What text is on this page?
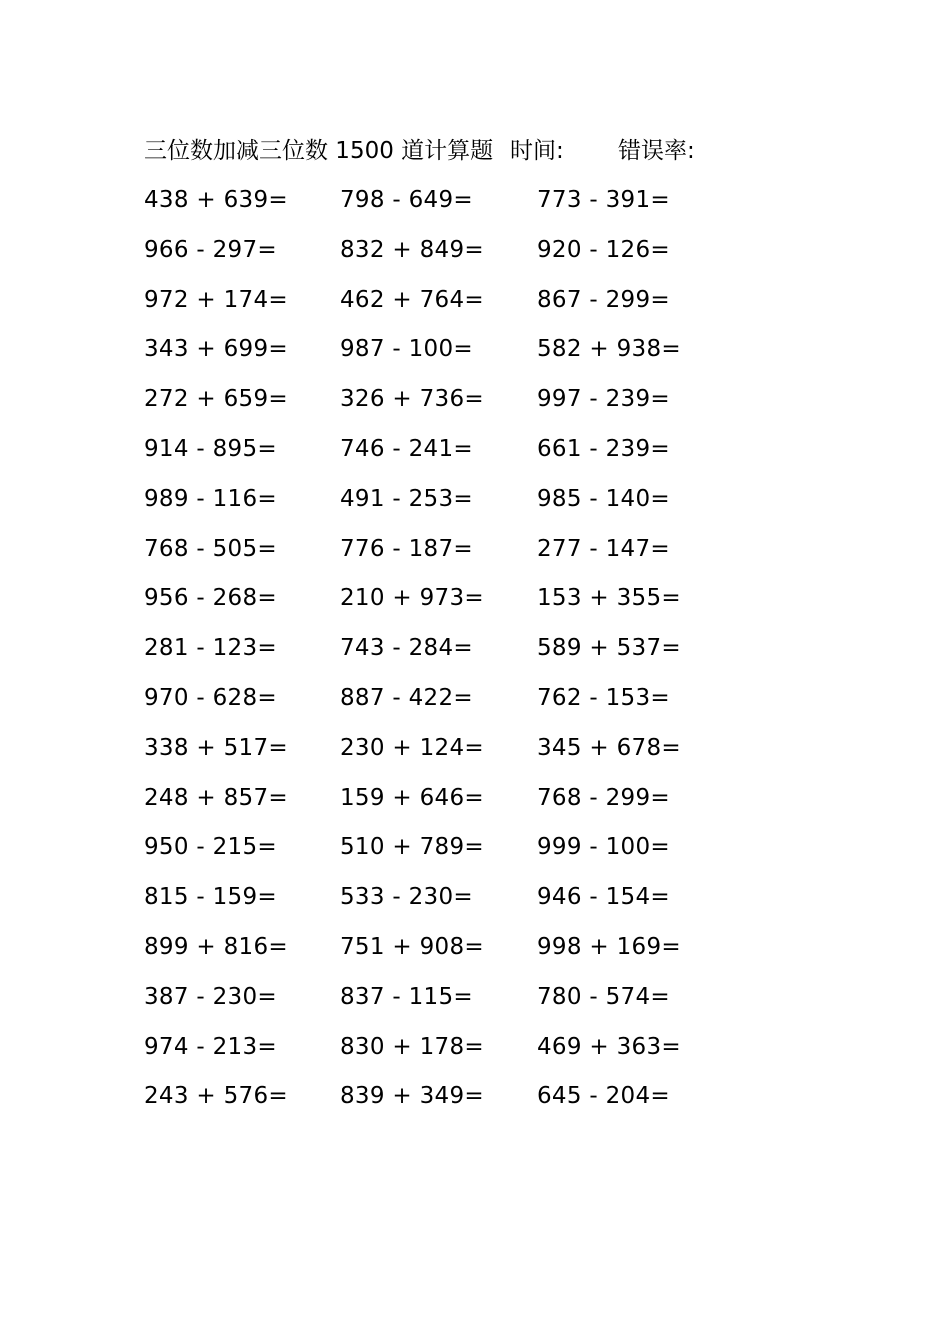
三位数加减三位数 1500 道计算题 时间: 错误率:
438 + 639= 798 - 649=	773 - 391=
966 - 297=	832 + 849= 920 - 126=
972 + 174= 462 + 764= 867 - 299=
343 + 699= 987 - 100=	582 + 938=
272 + 659= 326 + 736= 997 - 239=
914 - 895=	746 - 241=	661 - 239=
989 - 116=	491 - 253=	985 - 140=
768 - 505=	776 - 187=	277 - 147=
956 - 268=	210 + 973= 153 + 355=
281 - 123=	743 - 284=	589 + 537=
970 - 628=	887 - 422=	762 - 153=
338 + 517= 230 + 124= 345 + 678=
248 + 857= 159 + 646= 768 - 299=
950 - 215=	510 + 789= 999 - 100=
815 - 159=	533 - 230=	946 - 154=
899 + 816= 751 + 908= 998 + 169=
387 - 230=	837 - 115=	780 - 574=
974 - 213=	830 + 178= 469 + 363=
243 + 576= 839 + 349= 645 - 204=
